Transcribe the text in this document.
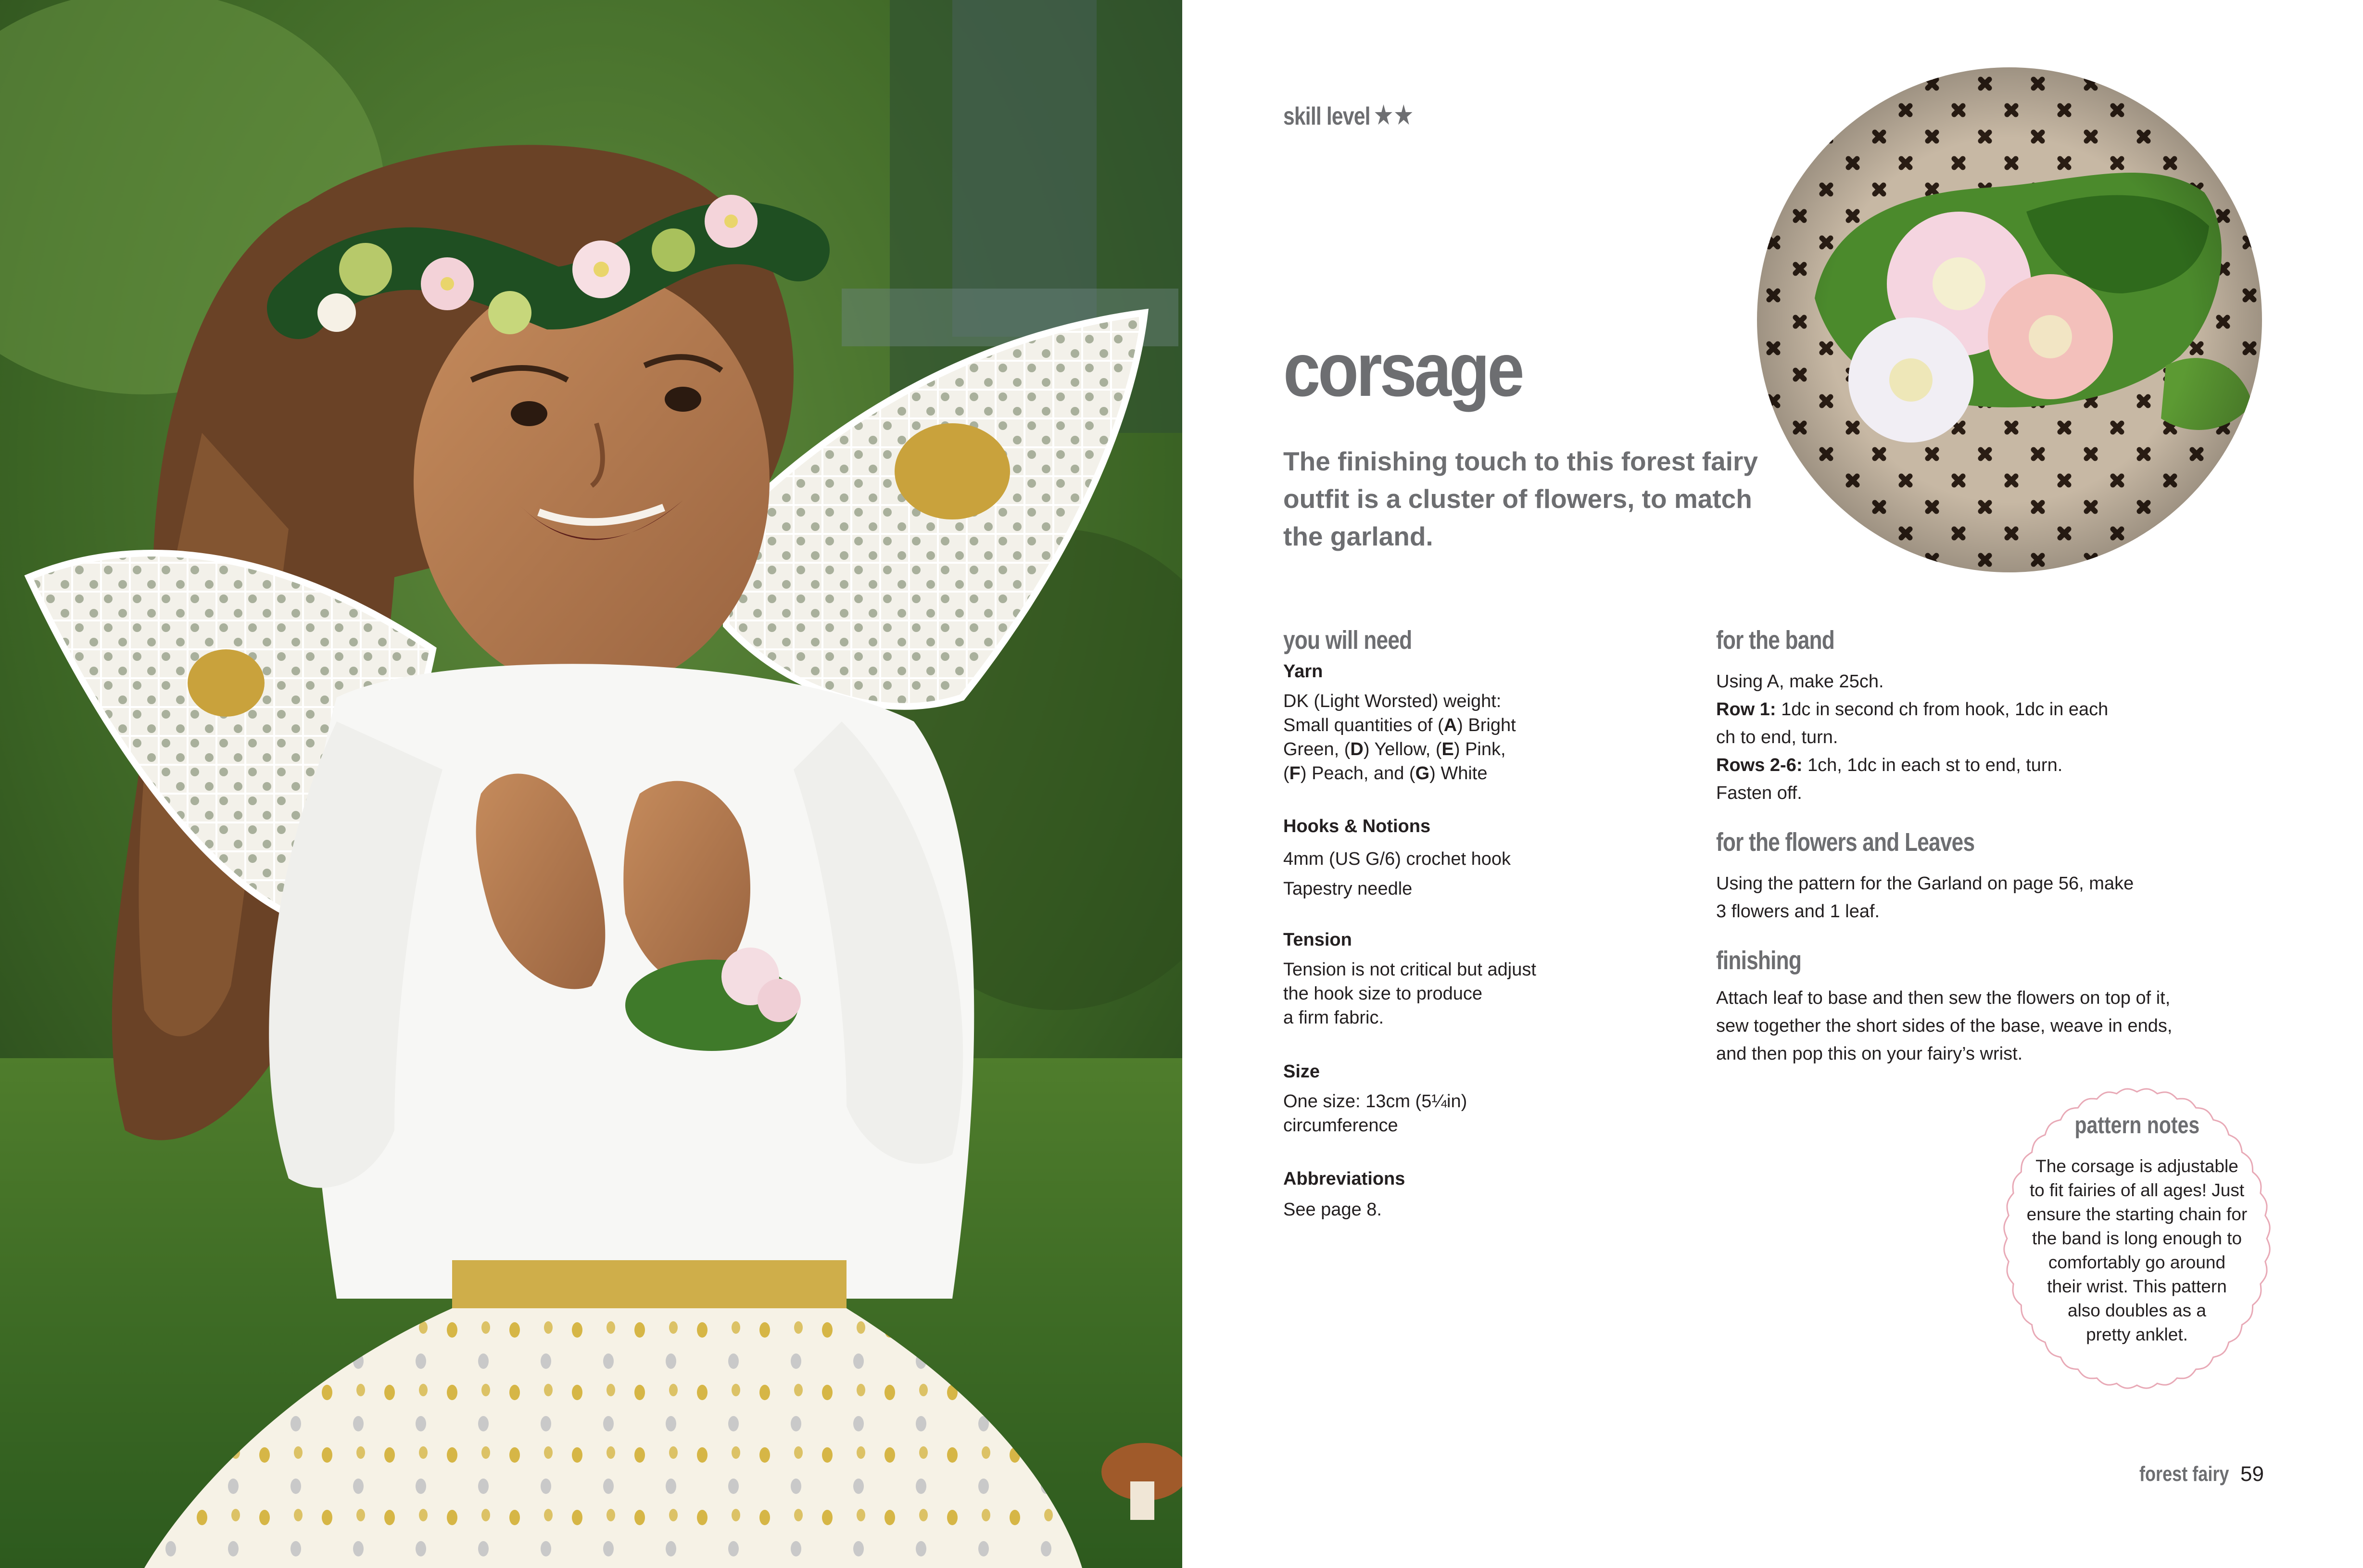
skill level ★★
corsage
The finishing touch to this forest fairy outfit is a cluster of flowers, to match the garland.
you will need
Yarn
DK (Light Worsted) weight:
Small quantities of (A) Bright
Green, (D) Yellow, (E) Pink,
(F) Peach, and (G) White
Hooks & Notions
4mm (US G/6) crochet hook
Tapestry needle
Tension
Tension is not critical but adjust
the hook size to produce
a firm fabric.
Size
One size: 13cm (5¼in)
circumference
Abbreviations
See page 8.
for the band
Using A, make 25ch.
Row 1: 1dc in second ch from hook, 1dc in each
ch to end, turn.
Rows 2-6: 1ch, 1dc in each st to end, turn.
Fasten off.
for the flowers and Leaves
Using the pattern for the Garland on page 56, make
3 flowers and 1 leaf.
finishing
Attach leaf to base and then sew the flowers on top of it,
sew together the short sides of the base, weave in ends,
and then pop this on your fairy’s wrist.
pattern notes
The corsage is adjustable
to fit fairies of all ages! Just
ensure the starting chain for
the band is long enough to
comfortably go around
their wrist. This pattern
also doubles as a
pretty anklet.
forest fairy 59
